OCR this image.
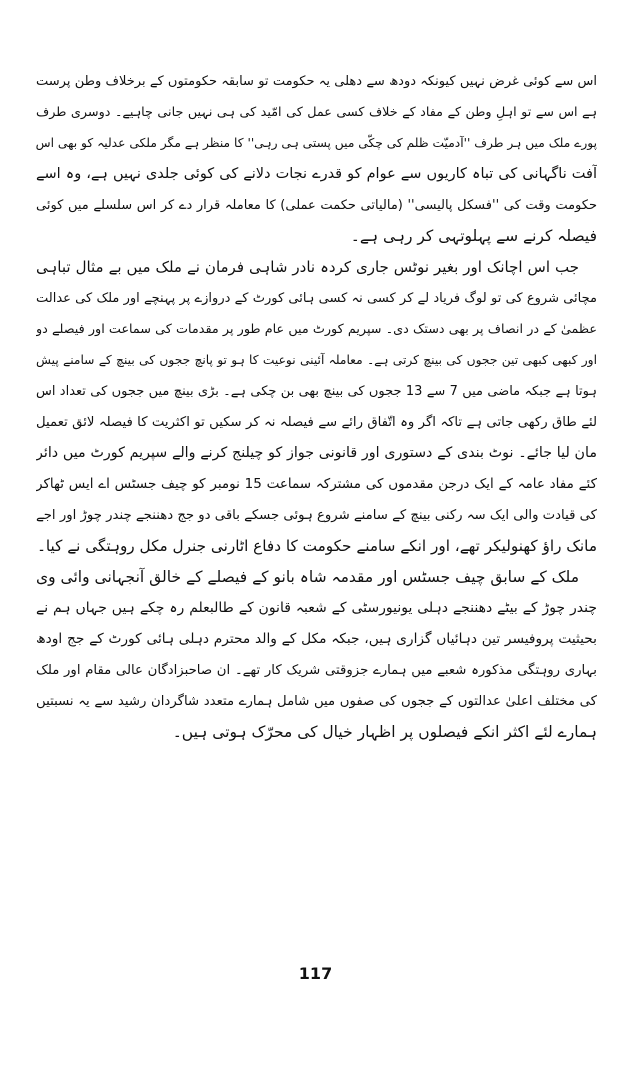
اس سے کوئی غرض نہیں کیونکہ دودھ سے دھلی یہ حکومت تو سابقہ حکومتوں کے برخلاف وطن پرست
ہے اس سے تو اہلِ وطن کے مفاد کے خلاف کسی عمل کی امّید کی ہی نہیں جانی چاہیے۔ دوسری طرف
پورے ملک میں ہر طرف ''آدمیّت ظلم کی چکّی میں پستی ہی رہی'' کا منظر ہے مگر ملکی عدلیہ کو بھی اس
آفت ناگہانی کی تباہ کاریوں سے عوام کو قدرے نجات دلانے کی کوئی جلدی نہیں ہے، وہ اسے
حکومت وقت کی ''فسکل پالیسی'' (مالیاتی حکمت عملی) کا معاملہ قرار دے کر اس سلسلے میں کوئی
فیصلہ کرنے سے پہلوتہی کر رہی ہے۔
جب اس اچانک اور بغیر نوٹس جاری کردہ نادر شاہی فرمان نے ملک میں بے مثال تباہی
مچائی شروع کی تو لوگ فریاد لے کر کسی نہ کسی ہائی کورٹ کے دروازے پر پہنچے اور ملک کی عدالت
عظمیٰ کے در انصاف پر بھی دستک دی۔ سپریم کورٹ میں عام طور پر مقدمات کی سماعت اور فیصلے دو
اور کبھی کبھی تین ججوں کی بینچ کرتی ہے۔ معاملہ آئینی نوعیت کا ہو تو پانچ ججوں کی بینچ کے سامنے پیش
ہوتا ہے جبکہ ماضی میں 7 سے 13 ججوں کی بینچ بھی بن چکی ہے۔ بڑی بینچ میں ججوں کی تعداد اس
لئے طاق رکھی جاتی ہے تاکہ اگر وہ اتّفاق رائے سے فیصلہ نہ کر سکیں تو اکثریت کا فیصلہ لائق تعمیل
مان لیا جائے۔ نوٹ بندی کے دستوری اور قانونی جواز کو چیلنج کرنے والے سپریم کورٹ میں دائر
کئے مفاد عامہ کے ایک درجن مقدموں کی مشترکہ سماعت 15 نومبر کو چیف جسٹس اے ایس ٹھاکر
کی قیادت والی ایک سہ رکنی بینچ کے سامنے شروع ہوئی جسکے باقی دو جج دھننجے چندر چوڑ اور اجے
مانک راؤ کھنولیکر تھے، اور انکے سامنے حکومت کا دفاع اٹارنی جنرل مکل روہتگی نے کیا۔
ملک کے سابق چیف جسٹس اور مقدمہ شاہ بانو کے فیصلے کے خالق آنجہانی وائی وی
چندر چوڑ کے بیٹے دھننجے دہلی یونیورسٹی کے شعبہ قانون کے طالبعلم رہ چکے ہیں جہاں ہم نے
بحیثیت پروفیسر تین دہائیاں گزاری ہیں، جبکہ مکل کے والد محترم دہلی ہائی کورٹ کے جج اودھ
بہاری روہتگی مذکورہ شعبے میں ہمارے جزوقتی شریک کار تھے۔ ان صاحبزادگان عالی مقام اور ملک
کی مختلف اعلیٰ عدالتوں کے ججوں کی صفوں میں شامل ہمارے متعدد شاگردان رشید سے یہ نسبتیں
ہمارے لئے اکثر انکے فیصلوں پر اظہار خیال کی محرّک ہوتی ہیں۔
117
